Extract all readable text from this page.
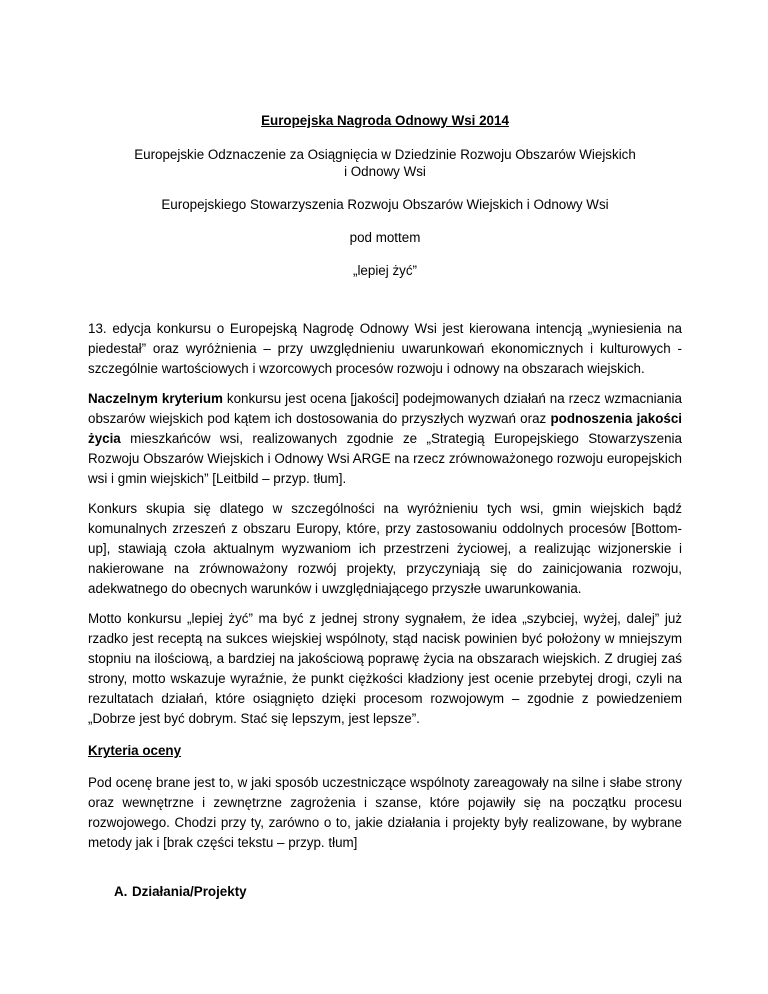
Europejska Nagroda Odnowy Wsi 2014
Europejskie Odznaczenie za Osiągnięcia w Dziedzinie Rozwoju Obszarów Wiejskich
i Odnowy Wsi
Europejskiego Stowarzyszenia Rozwoju Obszarów Wiejskich i Odnowy Wsi
pod mottem
„lepiej żyć”

13. edycja konkursu o Europejską Nagrodę Odnowy Wsi jest kierowana intencją „wyniesienia na piedestał” oraz wyróżnienia – przy uwzględnieniu uwarunkowań ekonomicznych i kulturowych - szczególnie wartościowych i wzorcowych procesów rozwoju i odnowy na obszarach wiejskich.

Naczelnym kryterium konkursu jest ocena [jakości] podejmowanych działań na rzecz wzmacniania obszarów wiejskich pod kątem ich dostosowania do przyszłych wyzwań oraz podnoszenia jakości życia mieszkańców wsi, realizowanych zgodnie ze „Strategią Europejskiego Stowarzyszenia Rozwoju Obszarów Wiejskich i Odnowy Wsi ARGE na rzecz zrównoważonego rozwoju europejskich wsi i gmin wiejskich” [Leitbild – przyp. tłum].

Konkurs skupia się dlatego w szczególności na wyróżnieniu tych wsi, gmin wiejskich bądź komunalnych zrzeszeń z obszaru Europy, które, przy zastosowaniu oddolnych procesów [Bottom-up], stawiają czoła aktualnym wyzwaniom ich przestrzeni życiowej, a realizując wizjonerskie i nakierowane na zrównoważony rozwój projekty, przyczyniają się do zainicjowania rozwoju, adekwatnego do obecnych warunków i uwzględniającego przyszłe uwarunkowania.

Motto konkursu „lepiej żyć” ma być z jednej strony sygnałem, że idea „szybciej, wyżej, dalej” już rzadko jest receptą na sukces wiejskiej wspólnoty, stąd nacisk powinien być położony w mniejszym stopniu na ilościową, a bardziej na jakościową poprawę życia na obszarach wiejskich. Z drugiej zaś strony, motto wskazuje wyraźnie, że punkt ciężkości kładziony jest ocenie przebytej drogi, czyli na rezultatach działań, które osiągnięto dzięki procesom rozwojowym – zgodnie z powiedzeniem „Dobrze jest być dobrym. Stać się lepszym, jest lepsze”.

Kryteria oceny

Pod ocenę brane jest to, w jaki sposób uczestniczące wspólnoty zareagowały na silne i słabe strony oraz wewnętrzne i zewnętrzne zagrożenia i szanse, które pojawiły się na początku procesu rozwojowego. Chodzi przy ty, zarówno o to, jakie działania i projekty były realizowane, by wybrane metody jak i [brak części tekstu – przyp. tłum]

A. Działania/Projekty
